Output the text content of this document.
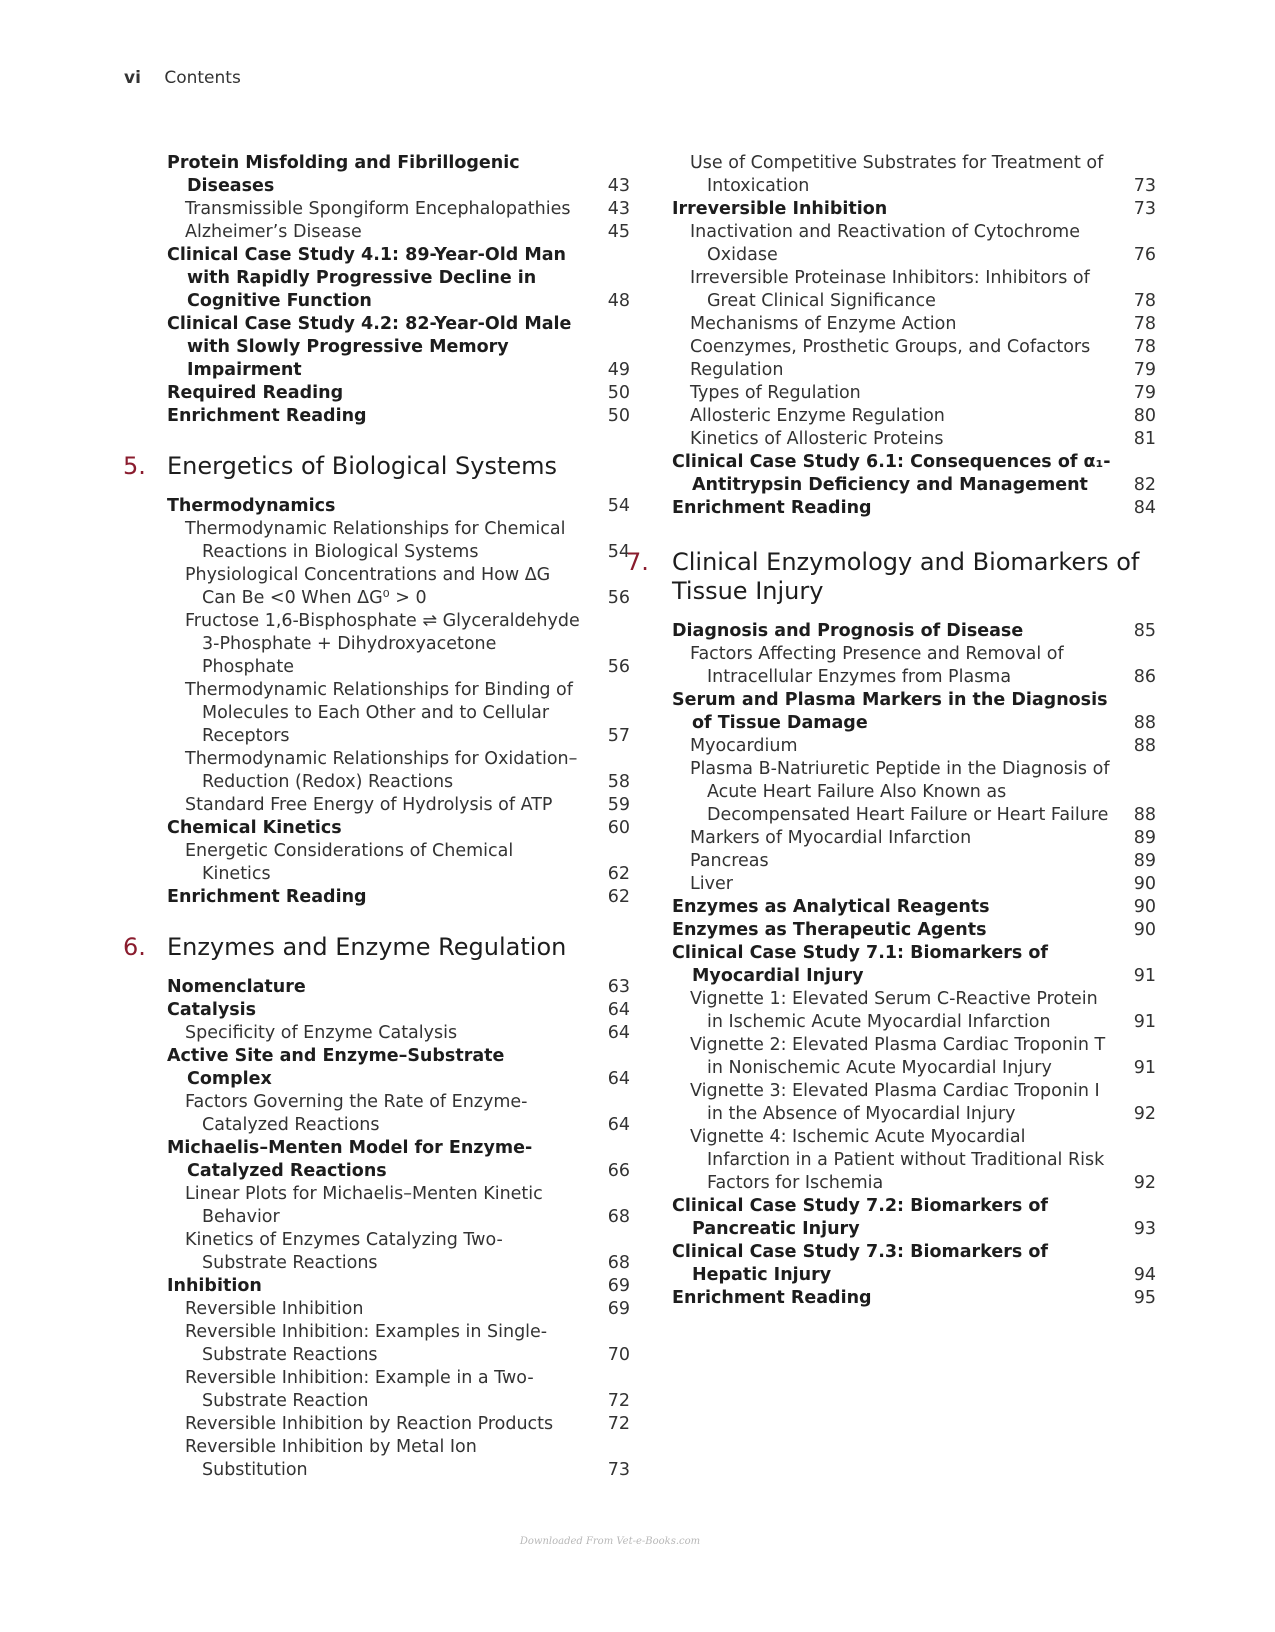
vi Contents
Protein Misfolding and Fibrillogenic Diseases	43
Transmissible Spongiform Encephalopathies	43
Alzheimer’s Disease	45
Clinical Case Study 4.1: 89-Year-Old Man with Rapidly Progressive Decline in Cognitive Function	48
Clinical Case Study 4.2: 82-Year-Old Male with Slowly Progressive Memory Impairment	49
Required Reading	50
Enrichment Reading	50
5. Energetics of Biological Systems
Thermodynamics	54
Thermodynamic Relationships for Chemical Reactions in Biological Systems	54
Physiological Concentrations and How ΔG Can Be <0 When ΔG⁰ > 0	56
Fructose 1,6-Bisphosphate ⇌ Glyceraldehyde 3-Phosphate + Dihydroxyacetone Phosphate	56
Thermodynamic Relationships for Binding of Molecules to Each Other and to Cellular Receptors	57
Thermodynamic Relationships for Oxidation–Reduction (Redox) Reactions	58
Standard Free Energy of Hydrolysis of ATP	59
Chemical Kinetics	60
Energetic Considerations of Chemical Kinetics	62
Enrichment Reading	62
6. Enzymes and Enzyme Regulation
Nomenclature	63
Catalysis	64
Specificity of Enzyme Catalysis	64
Active Site and Enzyme–Substrate Complex	64
Factors Governing the Rate of Enzyme-Catalyzed Reactions	64
Michaelis–Menten Model for Enzyme-Catalyzed Reactions	66
Linear Plots for Michaelis–Menten Kinetic Behavior	68
Kinetics of Enzymes Catalyzing Two-Substrate Reactions	68
Inhibition	69
Reversible Inhibition	69
Reversible Inhibition: Examples in Single-Substrate Reactions	70
Reversible Inhibition: Example in a Two-Substrate Reaction	72
Reversible Inhibition by Reaction Products	72
Reversible Inhibition by Metal Ion Substitution	73
Use of Competitive Substrates for Treatment of Intoxication	73
Irreversible Inhibition	73
Inactivation and Reactivation of Cytochrome Oxidase	76
Irreversible Proteinase Inhibitors: Inhibitors of Great Clinical Significance	78
Mechanisms of Enzyme Action	78
Coenzymes, Prosthetic Groups, and Cofactors	78
Regulation	79
Types of Regulation	79
Allosteric Enzyme Regulation	80
Kinetics of Allosteric Proteins	81
Clinical Case Study 6.1: Consequences of α₁-Antitrypsin Deficiency and Management	82
Enrichment Reading	84
7. Clinical Enzymology and Biomarkers of Tissue Injury
Diagnosis and Prognosis of Disease	85
Factors Affecting Presence and Removal of Intracellular Enzymes from Plasma	86
Serum and Plasma Markers in the Diagnosis of Tissue Damage	88
Myocardium	88
Plasma B-Natriuretic Peptide in the Diagnosis of Acute Heart Failure Also Known as Decompensated Heart Failure or Heart Failure	88
Markers of Myocardial Infarction	89
Pancreas	89
Liver	90
Enzymes as Analytical Reagents	90
Enzymes as Therapeutic Agents	90
Clinical Case Study 7.1: Biomarkers of Myocardial Injury	91
Vignette 1: Elevated Serum C-Reactive Protein in Ischemic Acute Myocardial Infarction	91
Vignette 2: Elevated Plasma Cardiac Troponin T in Nonischemic Acute Myocardial Injury	91
Vignette 3: Elevated Plasma Cardiac Troponin I in the Absence of Myocardial Injury	92
Vignette 4: Ischemic Acute Myocardial Infarction in a Patient without Traditional Risk Factors for Ischemia	92
Clinical Case Study 7.2: Biomarkers of Pancreatic Injury	93
Clinical Case Study 7.3: Biomarkers of Hepatic Injury	94
Enrichment Reading	95
Downloaded From Vet-e-Books.com
